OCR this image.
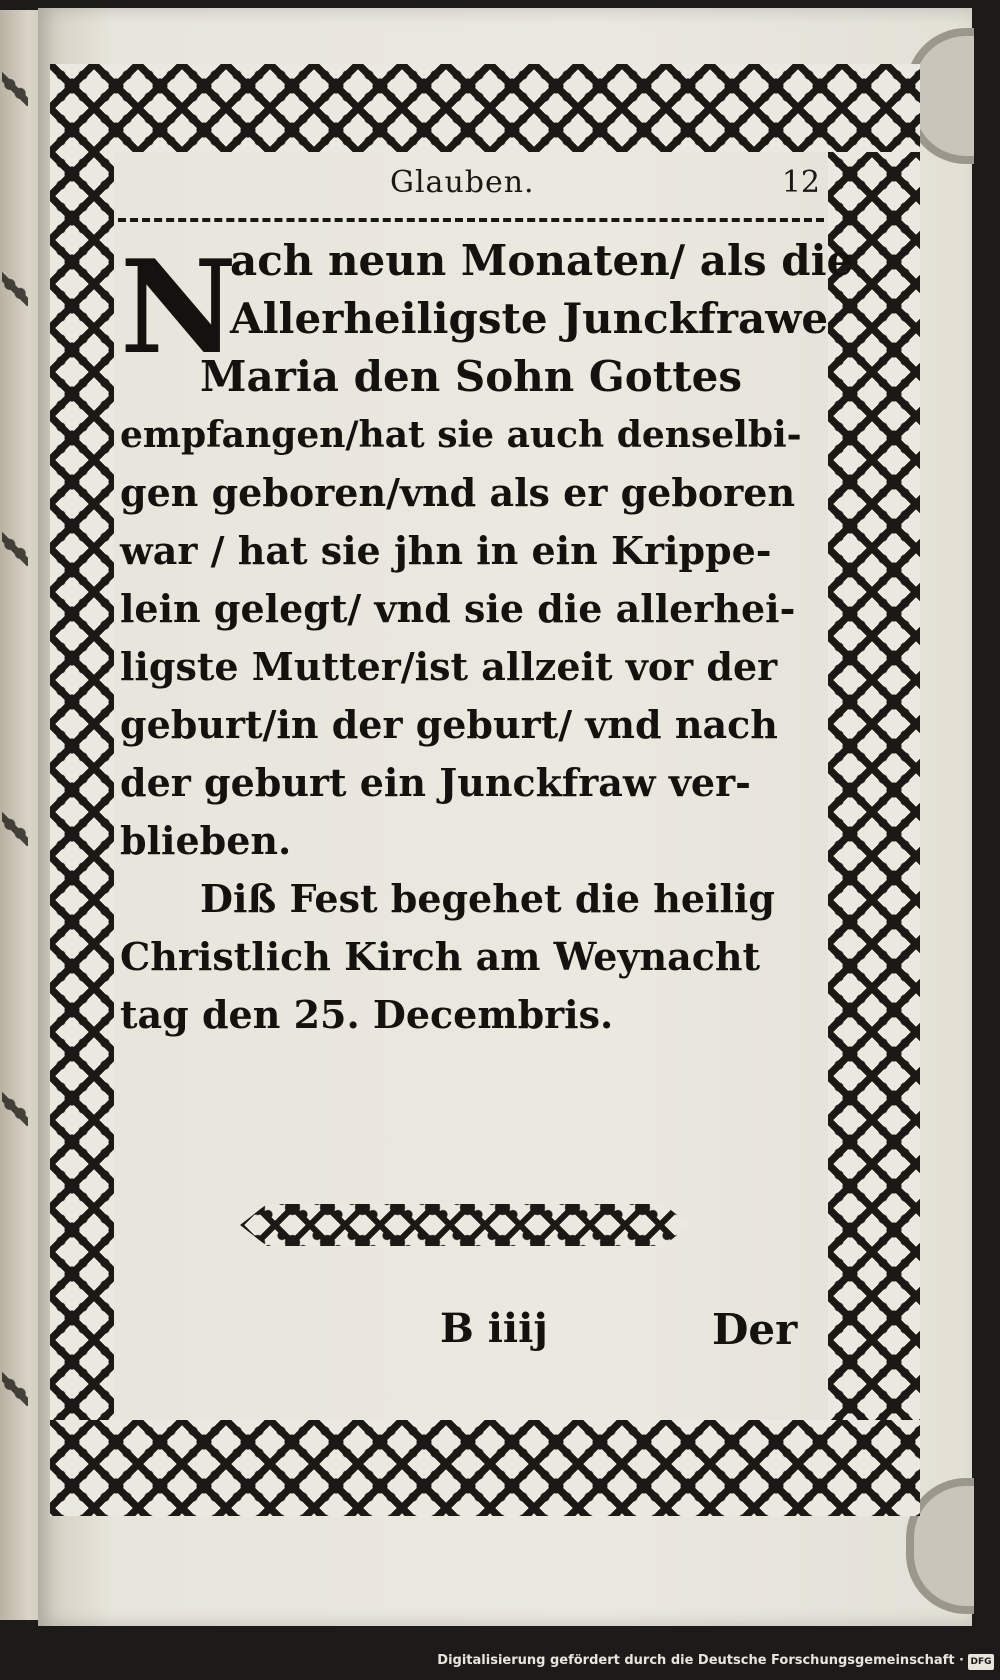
Glauben.	12
N
ach neun Monaten/ als die
Allerheiligste Junckfrawe
Maria den Sohn Gottes
empfangen/hat sie auch denselbi-
gen geboren/vnd als er geboren
war / hat sie jhn in ein Krippe-
lein gelegt/ vnd sie die allerhei-
ligste Mutter/ist allzeit vor der
geburt/in der geburt/ vnd nach
der geburt ein Junckfraw ver-
blieben.
Diß Fest begehet die heilig
Christlich Kirch am Weynacht
tag den 25. Decembris.
B iiij	Der
Digitalisierung gefördert durch die Deutsche Forschungsgemeinschaft · DFG
